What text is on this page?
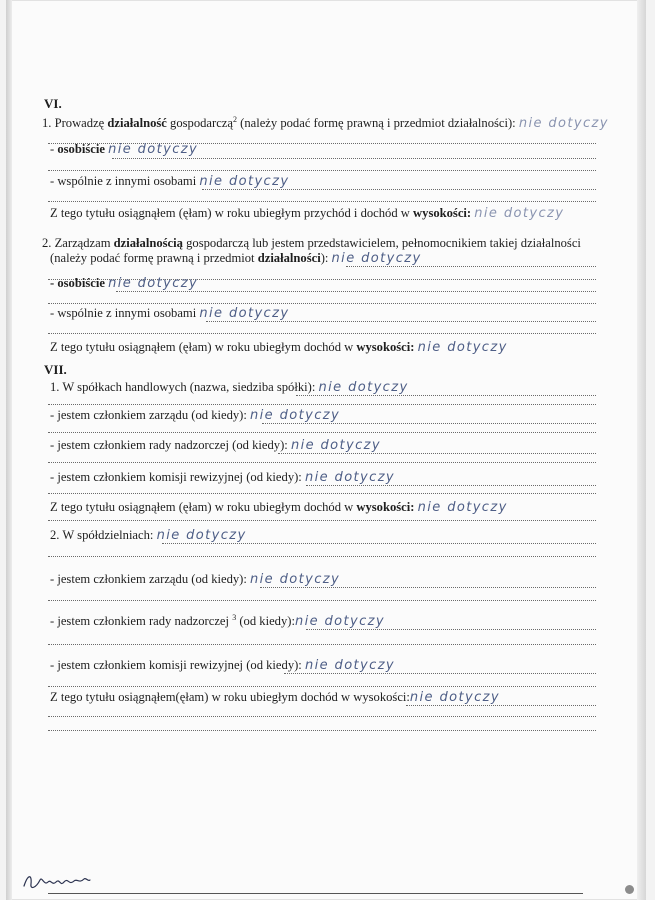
VI.
1. Prowadzę działalność gospodarczą$^2$ (należy podać formę prawną i przedmiot działalności): nie dotyczy
- osobiście nie dotyczy
- wspólnie z innymi osobami nie dotyczy
Z tego tytułu osiągnąłem (ęłam) w roku ubiegłym przychód i dochód w wysokości: nie dotyczy
2. Zarządzam działalnością gospodarczą lub jestem przedstawicielem, pełnomocnikiem takiej działalności
(należy podać formę prawną i przedmiot działalności): nie dotyczy
- osobiście nie dotyczy
- wspólnie z innymi osobami nie dotyczy
Z tego tytułu osiągnąłem (ęłam) w roku ubiegłym dochód w wysokości: nie dotyczy
VII.
1. W spółkach handlowych (nazwa, siedziba spółki): nie dotyczy
- jestem członkiem zarządu (od kiedy): nie dotyczy
- jestem członkiem rady nadzorczej (od kiedy): nie dotyczy
- jestem członkiem komisji rewizyjnej (od kiedy): nie dotyczy
Z tego tytułu osiągnąłem (ęłam) w roku ubiegłym dochód w wysokości: nie dotyczy
2. W spółdzielniach: nie dotyczy
- jestem członkiem zarządu (od kiedy): nie dotyczy
- jestem członkiem rady nadzorczej $^3$ (od kiedy):nie dotyczy
- jestem członkiem komisji rewizyjnej (od kiedy): nie dotyczy
Z tego tytułu osiągnąłem(ęłam) w roku ubiegłym dochód w wysokości:nie dotyczy
